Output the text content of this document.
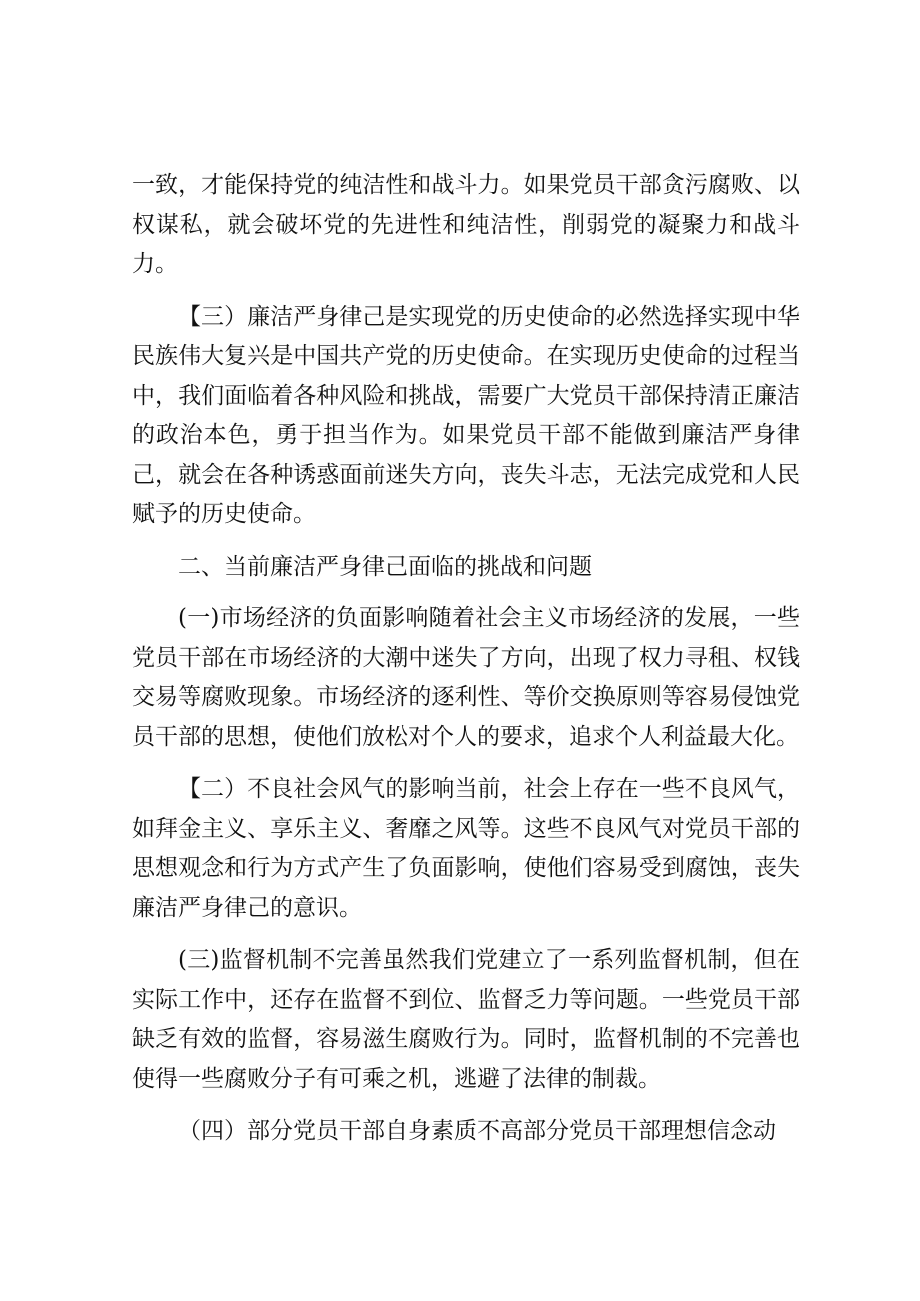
一致，才能保持党的纯洁性和战斗力。如果党员干部贪污腐败、以权谋私，就会破坏党的先进性和纯洁性，削弱党的凝聚力和战斗力。

【三）廉洁严身律己是实现党的历史使命的必然选择实现中华民族伟大复兴是中国共产党的历史使命。在实现历史使命的过程当中，我们面临着各种风险和挑战，需要广大党员干部保持清正廉洁的政治本色，勇于担当作为。如果党员干部不能做到廉洁严身律己，就会在各种诱惑面前迷失方向，丧失斗志，无法完成党和人民赋予的历史使命。

二、当前廉洁严身律己面临的挑战和问题

(一)市场经济的负面影响随着社会主义市场经济的发展，一些党员干部在市场经济的大潮中迷失了方向，出现了权力寻租、权钱交易等腐败现象。市场经济的逐利性、等价交换原则等容易侵蚀党员干部的思想，使他们放松对个人的要求，追求个人利益最大化。

【二）不良社会风气的影响当前，社会上存在一些不良风气，如拜金主义、享乐主义、奢靡之风等。这些不良风气对党员干部的思想观念和行为方式产生了负面影响，使他们容易受到腐蚀，丧失廉洁严身律己的意识。

(三)监督机制不完善虽然我们党建立了一系列监督机制，但在实际工作中，还存在监督不到位、监督乏力等问题。一些党员干部缺乏有效的监督，容易滋生腐败行为。同时，监督机制的不完善也使得一些腐败分子有可乘之机，逃避了法律的制裁。

（四）部分党员干部自身素质不高部分党员干部理想信念动
